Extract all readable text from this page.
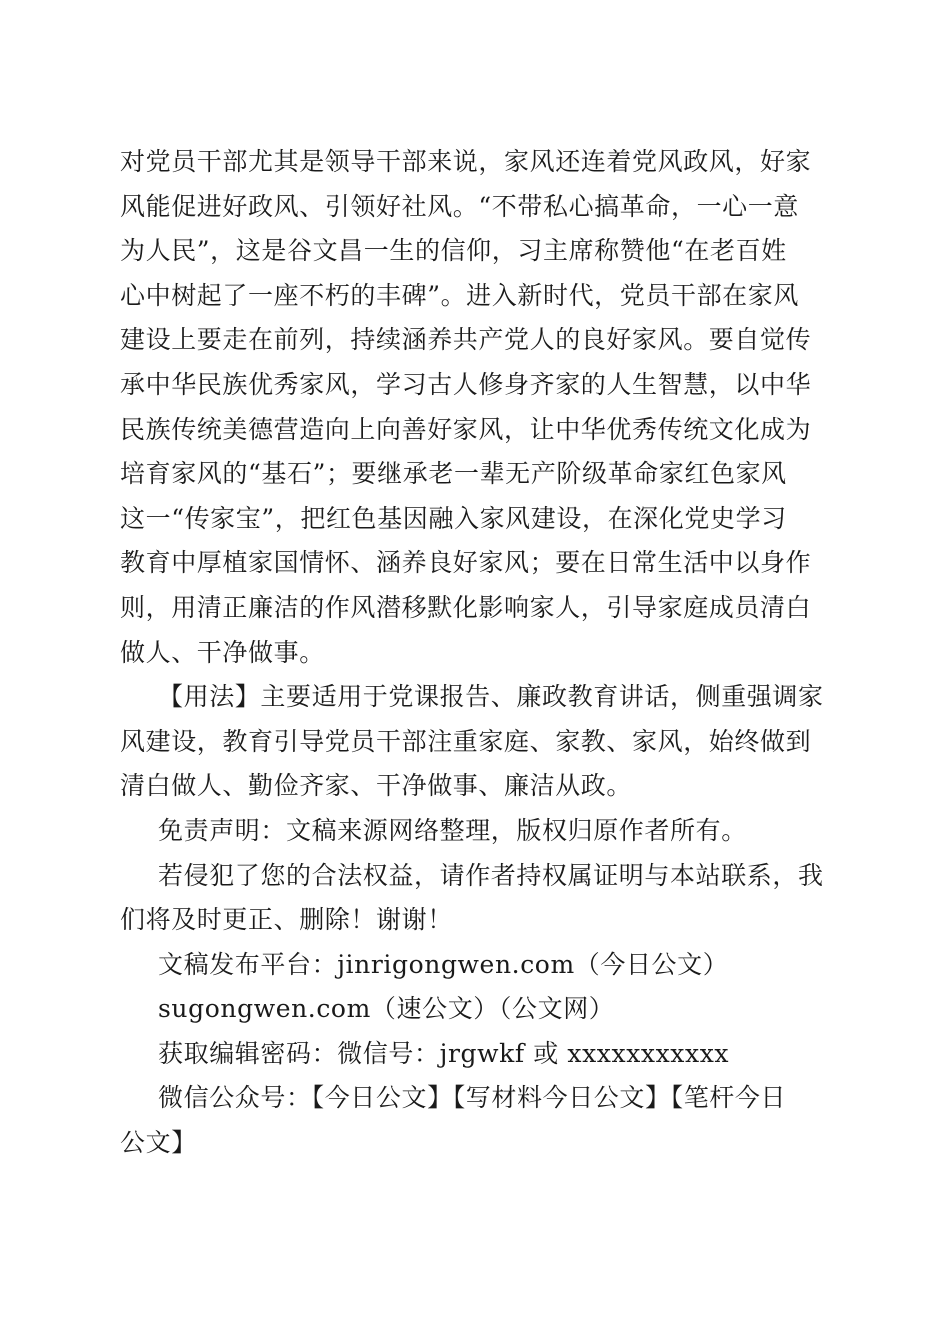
对党员干部尤其是领导干部来说，家风还连着党风政风，好家
风能促进好政风、引领好社风。“不带私心搞革命，一心一意
为人民”，这是谷文昌一生的信仰，习主席称赞他“在老百姓
心中树起了一座不朽的丰碑”。进入新时代，党员干部在家风
建设上要走在前列，持续涵养共产党人的良好家风。要自觉传
承中华民族优秀家风，学习古人修身齐家的人生智慧，以中华
民族传统美德营造向上向善好家风，让中华优秀传统文化成为
培育家风的“基石”；要继承老一辈无产阶级革命家红色家风
这一“传家宝”，把红色基因融入家风建设，在深化党史学习
教育中厚植家国情怀、涵养良好家风；要在日常生活中以身作
则，用清正廉洁的作风潜移默化影响家人，引导家庭成员清白
做人、干净做事。
【用法】主要适用于党课报告、廉政教育讲话，侧重强调家
风建设，教育引导党员干部注重家庭、家教、家风，始终做到
清白做人、勤俭齐家、干净做事、廉洁从政。
免责声明：文稿来源网络整理，版权归原作者所有。
若侵犯了您的合法权益，请作者持权属证明与本站联系，我
们将及时更正、删除！谢谢！
文稿发布平台：jinrigongwen.com（今日公文）
sugongwen.com（速公文）（公文网）
获取编辑密码：微信号：jrgwkf 或 xxxxxxxxxxx
微信公众号：【今日公文】【写材料今日公文】【笔杆今日
公文】
